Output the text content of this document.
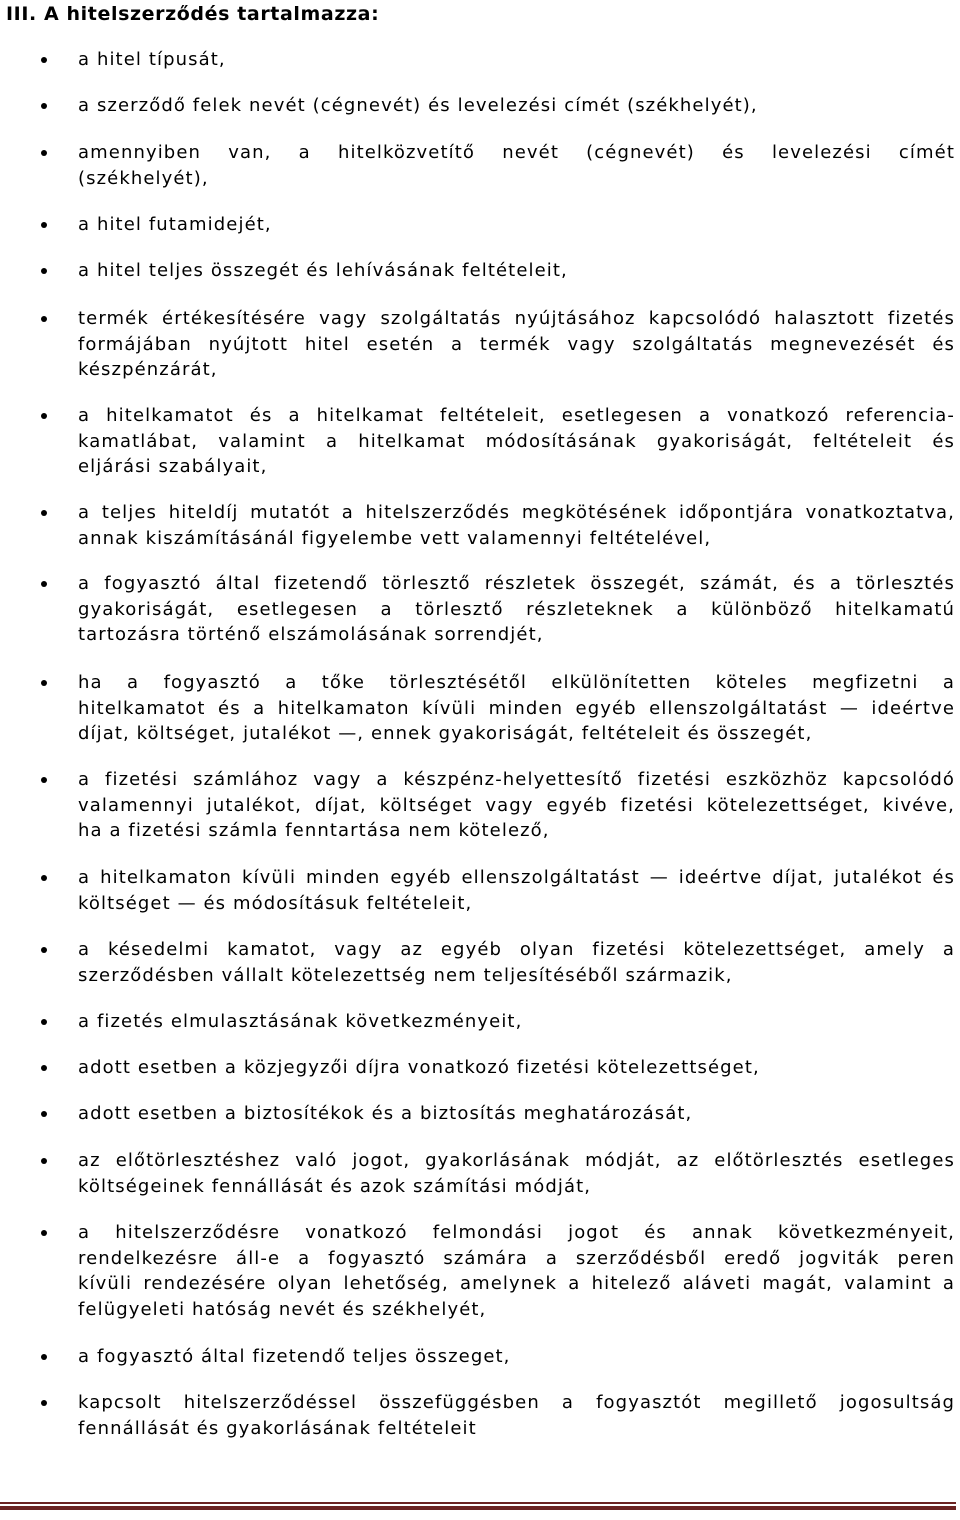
III. A hitelszerződés tartalmazza:
a hitel típusát,
a szerződő felek nevét (cégnevét) és levelezési címét (székhelyét),
amennyiben van, a hitelközvetítő nevét (cégnevét) és levelezési címét
(székhelyét),
a hitel futamidejét,
a hitel teljes összegét és lehívásának feltételeit,
termék értékesítésére vagy szolgáltatás nyújtásához kapcsolódó halasztott fizetés
formájában nyújtott hitel esetén a termék vagy szolgáltatás megnevezését és
készpénzárát,
a hitelkamatot és a hitelkamat feltételeit, esetlegesen a vonatkozó referencia-
kamatlábat, valamint a hitelkamat módosításának gyakoriságát, feltételeit és
eljárási szabályait,
a teljes hiteldíj mutatót a hitelszerződés megkötésének időpontjára vonatkoztatva,
annak kiszámításánál figyelembe vett valamennyi feltételével,
a fogyasztó által fizetendő törlesztő részletek összegét, számát, és a törlesztés
gyakoriságát, esetlegesen a törlesztő részleteknek a különböző hitelkamatú
tartozásra történő elszámolásának sorrendjét,
ha a fogyasztó a tőke törlesztésétől elkülönítetten köteles megfizetni a
hitelkamatot és a hitelkamaton kívüli minden egyéb ellenszolgáltatást — ideértve
díjat, költséget, jutalékot —, ennek gyakoriságát, feltételeit és összegét,
a fizetési számlához vagy a készpénz-helyettesítő fizetési eszközhöz kapcsolódó
valamennyi jutalékot, díjat, költséget vagy egyéb fizetési kötelezettséget, kivéve,
ha a fizetési számla fenntartása nem kötelező,
a hitelkamaton kívüli minden egyéb ellenszolgáltatást — ideértve díjat, jutalékot és
költséget — és módosításuk feltételeit,
a késedelmi kamatot, vagy az egyéb olyan fizetési kötelezettséget, amely a
szerződésben vállalt kötelezettség nem teljesítéséből származik,
a fizetés elmulasztásának következményeit,
adott esetben a közjegyzői díjra vonatkozó fizetési kötelezettséget,
adott esetben a biztosítékok és a biztosítás meghatározását,
az előtörlesztéshez való jogot, gyakorlásának módját, az előtörlesztés esetleges
költségeinek fennállását és azok számítási módját,
a hitelszerződésre vonatkozó felmondási jogot és annak következményeit,
rendelkezésre áll-e a fogyasztó számára a szerződésből eredő jogviták peren
kívüli rendezésére olyan lehetőség, amelynek a hitelező aláveti magát, valamint a
felügyeleti hatóság nevét és székhelyét,
a fogyasztó által fizetendő teljes összeget,
kapcsolt hitelszerződéssel összefüggésben a fogyasztót megillető jogosultság
fennállását és gyakorlásának feltételeit
